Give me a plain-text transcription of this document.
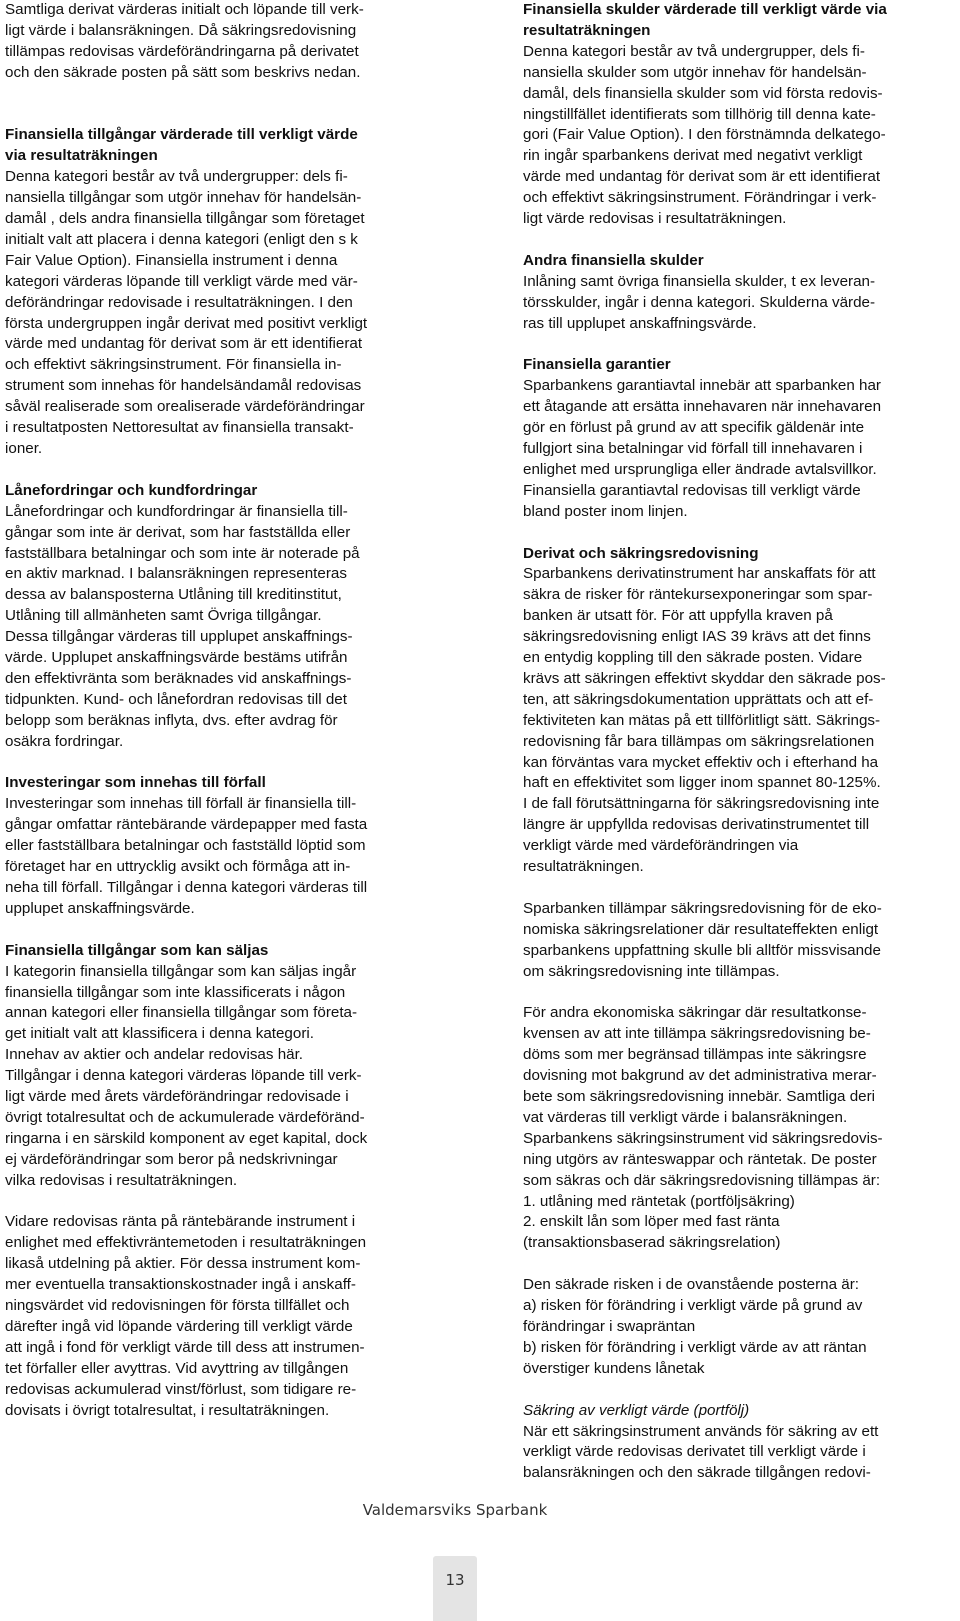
Samtliga derivat värderas initialt och löpande till verk-
ligt värde i balansräkningen. Då säkringsredovisning
tillämpas redovisas värdeförändringarna på derivatet
och den säkrade posten på sätt som beskrivs nedan.

Finansiella tillgångar värderade till verkligt värde
via resultaträkningen

Denna kategori består av två undergrupper: dels fi-
nansiella tillgångar som utgör innehav för handelsän-
damål , dels andra finansiella tillgångar som företaget
initialt valt att placera i denna kategori (enligt den s k
Fair Value Option). Finansiella instrument i denna
kategori värderas löpande till verkligt värde med vär-
deförändringar redovisade i resultaträkningen. I den
första undergruppen ingår derivat med positivt verkligt
värde med undantag för derivat som är ett identifierat
och effektivt säkringsinstrument. För finansiella in-
strument som innehas för handelsändamål redovisas
såväl realiserade som orealiserade värdeförändringar
i resultatposten Nettoresultat av finansiella transakt-
ioner.

Lånefordringar och kundfordringar

Lånefordringar och kundfordringar är finansiella till-
gångar som inte är derivat, som har fastställda eller
fastställbara betalningar och som inte är noterade på
en aktiv marknad. I balansräkningen representeras
dessa av balansposterna Utlåning till kreditinstitut,
Utlåning till allmänheten samt Övriga tillgångar.
Dessa tillgångar värderas till upplupet anskaffnings-
värde. Upplupet anskaffningsvärde bestäms utifrån
den effektivränta som beräknades vid anskaffnings-
tidpunkten. Kund- och lånefordran redovisas till det
belopp som beräknas inflyta, dvs. efter avdrag för
osäkra fordringar.

Investeringar som innehas till förfall

Investeringar som innehas till förfall är finansiella till-
gångar omfattar räntebärande värdepapper med fasta
eller fastställbara betalningar och fastställd löptid som
företaget har en uttrycklig avsikt och förmåga att in-
neha till förfall. Tillgångar i denna kategori värderas till
upplupet anskaffningsvärde.

Finansiella tillgångar som kan säljas

I kategorin finansiella tillgångar som kan säljas ingår
finansiella tillgångar som inte klassificerats i någon
annan kategori eller finansiella tillgångar som företa-
get initialt valt att klassificera i denna kategori.
Innehav av aktier och andelar redovisas här.
Tillgångar i denna kategori värderas löpande till verk-
ligt värde med årets värdeförändringar redovisade i
övrigt totalresultat och de ackumulerade värdeföränd-
ringarna i en särskild komponent av eget kapital, dock
ej värdeförändringar som beror på nedskrivningar
vilka redovisas i resultaträkningen.

Vidare redovisas ränta på räntebärande instrument i
enlighet med effektivräntemetoden i resultaträkningen
likaså utdelning på aktier. För dessa instrument kom-
mer eventuella transaktionskostnader ingå i anskaff-
ningsvärdet vid redovisningen för första tillfället och
därefter ingå vid löpande värdering till verkligt värde
att ingå i fond för verkligt värde till dess att instrumen-
tet förfaller eller avyttras. Vid avyttring av tillgången
redovisas ackumulerad vinst/förlust, som tidigare re-
dovisats i övrigt totalresultat, i resultaträkningen.

Finansiella skulder värderade till verkligt värde via
resultaträkningen

Denna kategori består av två undergrupper, dels fi-
nansiella skulder som utgör innehav för handelsän-
damål, dels finansiella skulder som vid första redovis-
ningstillfället identifierats som tillhörig till denna kate-
gori (Fair Value Option). I den förstnämnda delkatego-
rin ingår sparbankens derivat med negativt verkligt
värde med undantag för derivat som är ett identifierat
och effektivt säkringsinstrument. Förändringar i verk-
ligt värde redovisas i resultaträkningen.

Andra finansiella skulder

Inlåning samt övriga finansiella skulder, t ex leveran-
törsskulder, ingår i denna kategori. Skulderna värde-
ras till upplupet anskaffningsvärde.

Finansiella garantier

Sparbankens garantiavtal innebär att sparbanken har
ett åtagande att ersätta innehavaren när innehavaren
gör en förlust på grund av att specifik gäldenär inte
fullgjort sina betalningar vid förfall till innehavaren i
enlighet med ursprungliga eller ändrade avtalsvillkor.
Finansiella garantiavtal redovisas till verkligt värde
bland poster inom linjen.

Derivat och säkringsredovisning

Sparbankens derivatinstrument har anskaffats för att
säkra de risker för räntekursexponeringar som spar-
banken är utsatt för. För att uppfylla kraven på
säkringsredovisning enligt IAS 39 krävs att det finns
en entydig koppling till den säkrade posten. Vidare
krävs att säkringen effektivt skyddar den säkrade pos-
ten, att säkringsdokumentation upprättats och att ef-
fektiviteten kan mätas på ett tillförlitligt sätt. Säkrings-
redovisning får bara tillämpas om säkringsrelationen
kan förväntas vara mycket effektiv och i efterhand ha
haft en effektivitet som ligger inom spannet 80-125%.
I de fall förutsättningarna för säkringsredovisning inte
längre är uppfyllda redovisas derivatinstrumentet till
verkligt värde med värdeförändringen via
resultaträkningen.

Sparbanken tillämpar säkringsredovisning för de eko-
nomiska säkringsrelationer där resultateffekten enligt
sparbankens uppfattning skulle bli alltför missvisande
om säkringsredovisning inte tillämpas.

För andra ekonomiska säkringar där resultatkonse-
kvensen av att inte tillämpa säkringsredovisning be-
döms som mer begränsad tillämpas inte säkringsre
dovisning mot bakgrund av det administrativa merar-
bete som säkringsredovisning innebär. Samtliga deri
vat värderas till verkligt värde i balansräkningen.
Sparbankens säkringsinstrument vid säkringsredovis-
ning utgörs av ränteswappar och räntetak. De poster
som säkras och där säkringsredovisning tillämpas är:
1. utlåning med räntetak (portföljsäkring)
2. enskilt lån som löper med fast ränta
(transaktionsbaserad säkringsrelation)

Den säkrade risken i de ovanstående posterna är:
a) risken för förändring i verkligt värde på grund av
förändringar i swapräntan
b) risken för förändring i verkligt värde av att räntan
överstiger kundens lånetak

Säkring av verkligt värde (portfölj)

När ett säkringsinstrument används för säkring av ett
verkligt värde redovisas derivatet till verkligt värde i
balansräkningen och den säkrade tillgången redovi-

Valdemarsviks Sparbank
13
